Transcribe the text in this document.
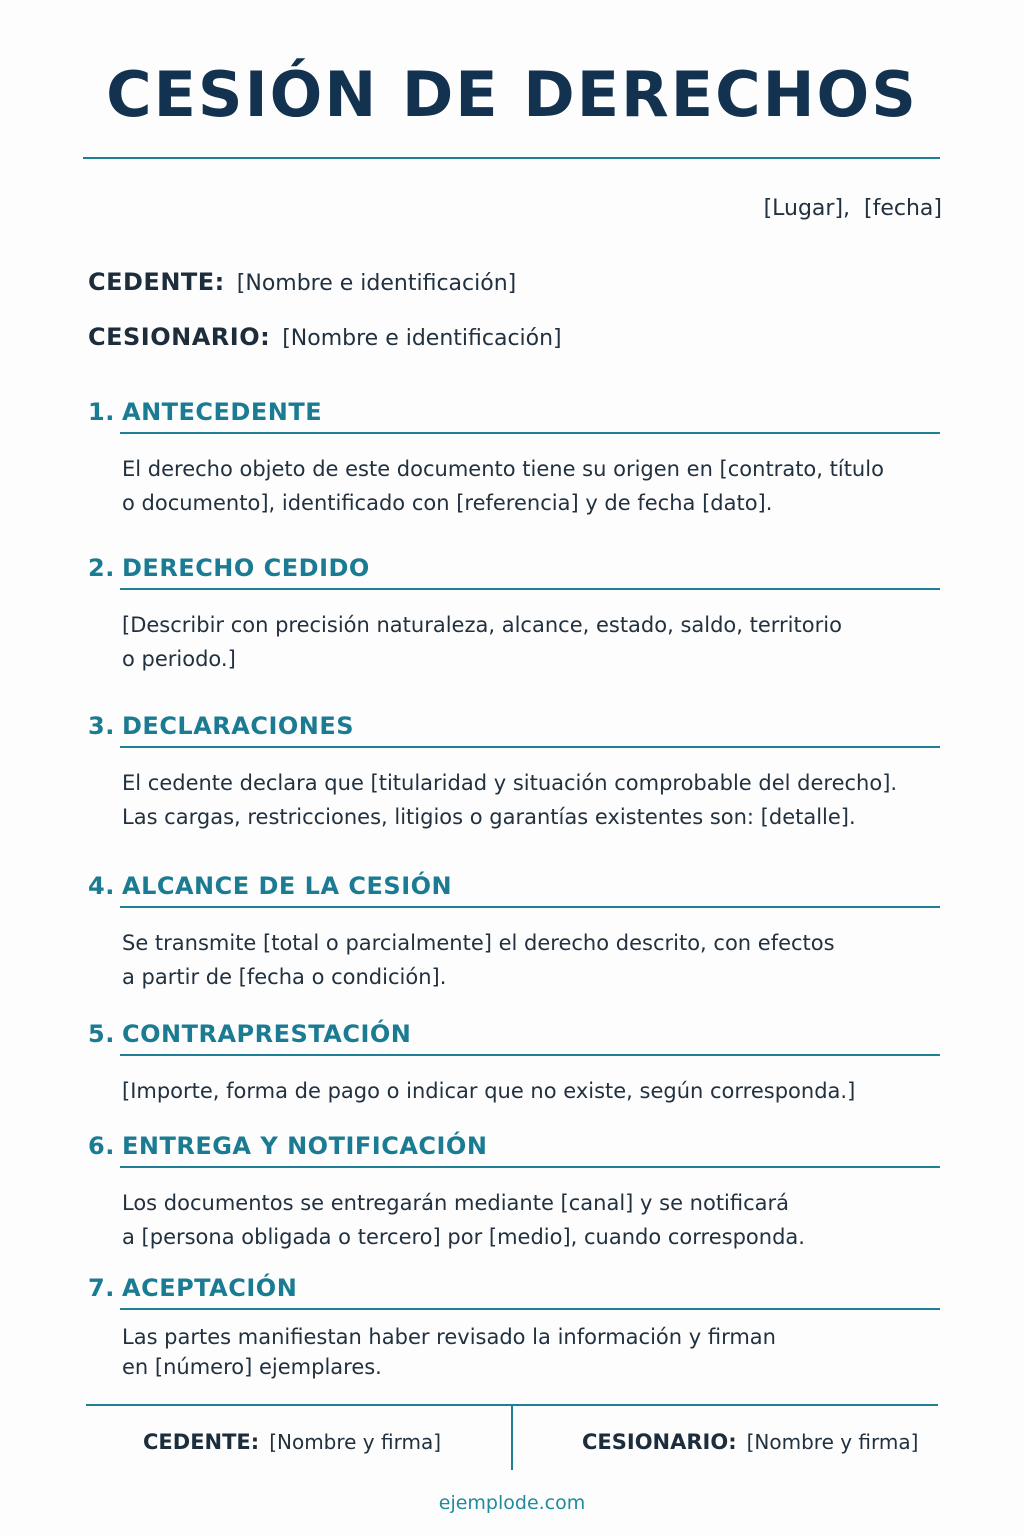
CESIÓN DE DERECHOS
[Lugar], [fecha]
CEDENTE: [Nombre e identificación]
CESIONARIO: [Nombre e identificación]
1. ANTECEDENTE
El derecho objeto de este documento tiene su origen en [contrato, título
o documento], identificado con [referencia] y de fecha [dato].
2. DERECHO CEDIDO
[Describir con precisión naturaleza, alcance, estado, saldo, territorio
o periodo.]
3. DECLARACIONES
El cedente declara que [titularidad y situación comprobable del derecho].
Las cargas, restricciones, litigios o garantías existentes son: [detalle].
4. ALCANCE DE LA CESIÓN
Se transmite [total o parcialmente] el derecho descrito, con efectos
a partir de [fecha o condición].
5. CONTRAPRESTACIÓN
[Importe, forma de pago o indicar que no existe, según corresponda.]
6. ENTREGA Y NOTIFICACIÓN
Los documentos se entregarán mediante [canal] y se notificará
a [persona obligada o tercero] por [medio], cuando corresponda.
7. ACEPTACIÓN
Las partes manifiestan haber revisado la información y firman
en [número] ejemplares.
CEDENTE: [Nombre y firma]	CESIONARIO: [Nombre y firma]
ejemplode.com
